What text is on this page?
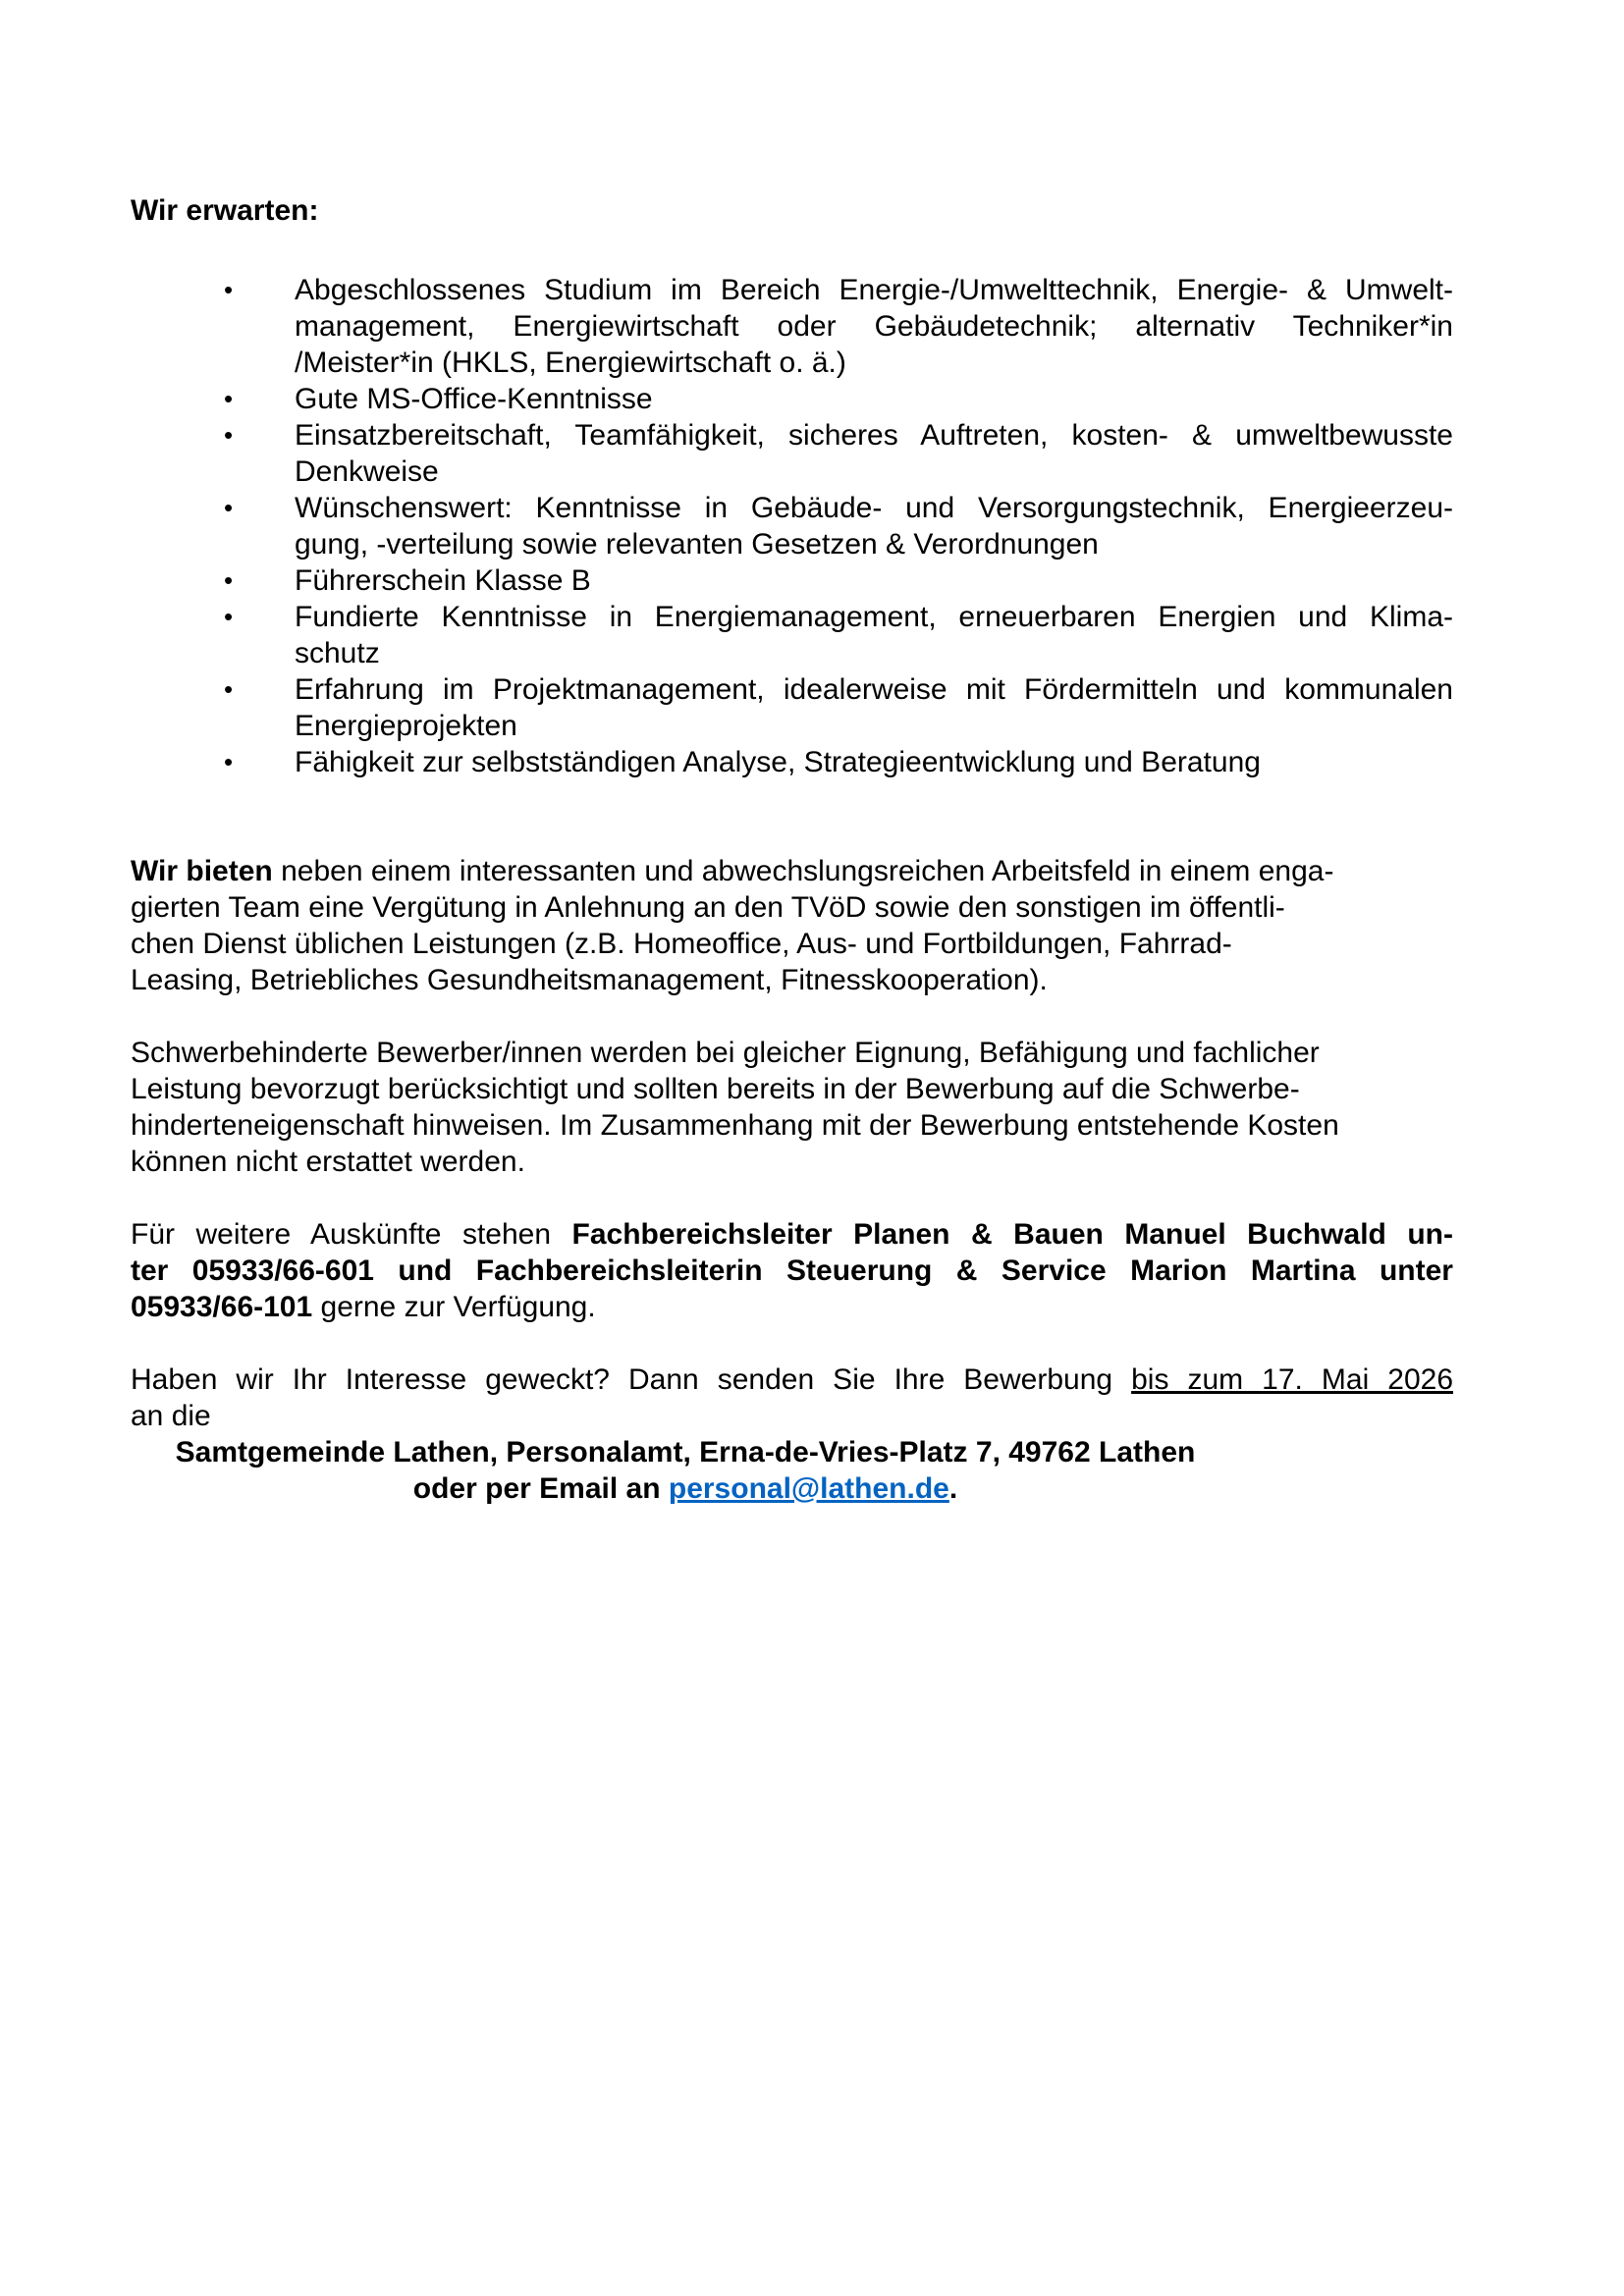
Wir erwarten:
• Abgeschlossenes Studium im Bereich Energie-/Umwelttechnik, Energie- & Umwelt-
management, Energiewirtschaft oder Gebäudetechnik; alternativ Techniker*in
/Meister*in (HKLS, Energiewirtschaft o. ä.)
• Gute MS-Office-Kenntnisse
• Einsatzbereitschaft, Teamfähigkeit, sicheres Auftreten, kosten- & umweltbewusste
Denkweise
• Wünschenswert: Kenntnisse in Gebäude- und Versorgungstechnik, Energieerzeu-
gung, -verteilung sowie relevanten Gesetzen & Verordnungen
• Führerschein Klasse B
• Fundierte Kenntnisse in Energiemanagement, erneuerbaren Energien und Klima-
schutz
• Erfahrung im Projektmanagement, idealerweise mit Fördermitteln und kommunalen
Energieprojekten
• Fähigkeit zur selbstständigen Analyse, Strategieentwicklung und Beratung
Wir bieten neben einem interessanten und abwechslungsreichen Arbeitsfeld in einem enga-
gierten Team eine Vergütung in Anlehnung an den TVöD sowie den sonstigen im öffentli-
chen Dienst üblichen Leistungen (z.B. Homeoffice, Aus- und Fortbildungen, Fahrrad-
Leasing, Betriebliches Gesundheitsmanagement, Fitnesskooperation).
Schwerbehinderte Bewerber/innen werden bei gleicher Eignung, Befähigung und fachlicher
Leistung bevorzugt berücksichtigt und sollten bereits in der Bewerbung auf die Schwerbe-
hinderteneigenschaft hinweisen. Im Zusammenhang mit der Bewerbung entstehende Kosten
können nicht erstattet werden.
Für weitere Auskünfte stehen Fachbereichsleiter Planen & Bauen Manuel Buchwald un-
ter 05933/66-601 und Fachbereichsleiterin Steuerung & Service Marion Martina unter
05933/66-101 gerne zur Verfügung.
Haben wir Ihr Interesse geweckt? Dann senden Sie Ihre Bewerbung bis zum 17. Mai 2026
an die
Samtgemeinde Lathen, Personalamt, Erna-de-Vries-Platz 7, 49762 Lathen
oder per Email an personal@lathen.de.
